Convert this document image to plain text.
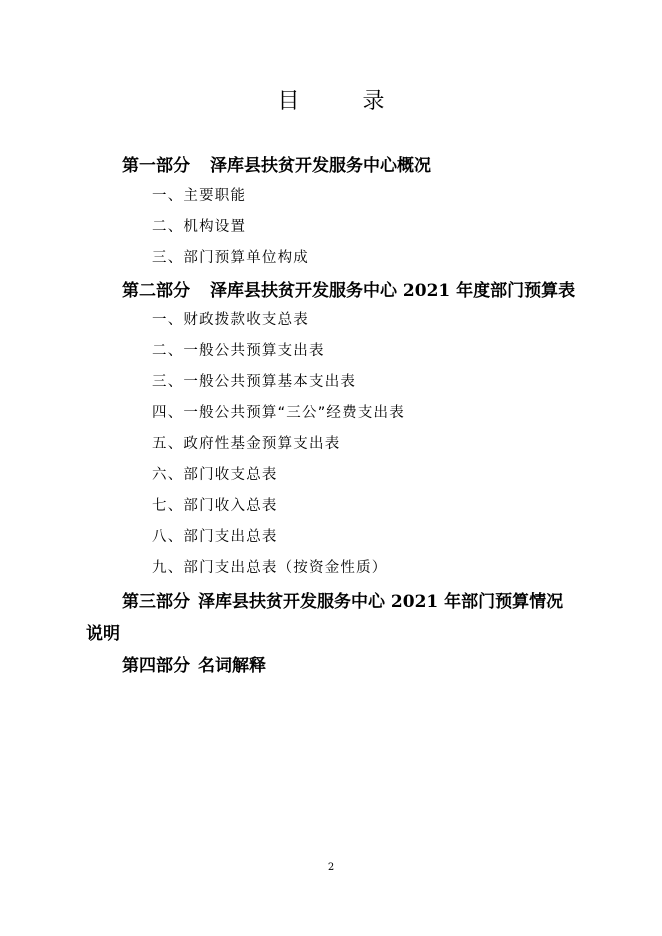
目 录
第一部分 泽库县扶贫开发服务中心概况
一、主要职能
二、机构设置
三、部门预算单位构成
第二部分 泽库县扶贫开发服务中心 2021 年度部门预算表
一、财政拨款收支总表
二、一般公共预算支出表
三、一般公共预算基本支出表
四、一般公共预算“三公”经费支出表
五、政府性基金预算支出表
六、部门收支总表
七、部门收入总表
八、部门支出总表
九、部门支出总表（按资金性质）
第三部分 泽库县扶贫开发服务中心 2021 年部门预算情况
说明
第四部分 名词解释
2
